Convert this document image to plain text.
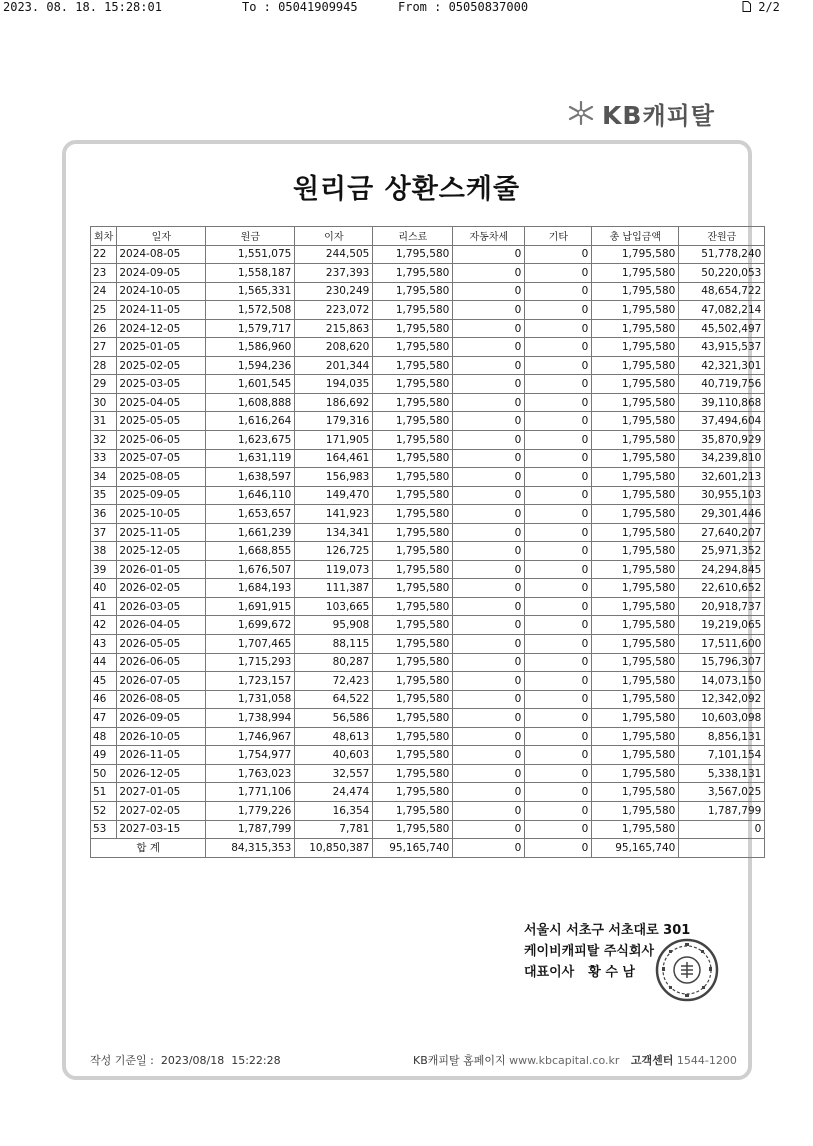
2023. 08. 18. 15:28:01	To : 05041909945	From : 05050837000	2/2
KB캐피탈
원리금 상환스케줄
회차	일자	원금	이자	리스료	자동차세	기타	총 납입금액	잔원금
22	2024-08-05	1,551,075	244,505	1,795,580	0	0	1,795,580	51,778,240
23	2024-09-05	1,558,187	237,393	1,795,580	0	0	1,795,580	50,220,053
24	2024-10-05	1,565,331	230,249	1,795,580	0	0	1,795,580	48,654,722
25	2024-11-05	1,572,508	223,072	1,795,580	0	0	1,795,580	47,082,214
26	2024-12-05	1,579,717	215,863	1,795,580	0	0	1,795,580	45,502,497
27	2025-01-05	1,586,960	208,620	1,795,580	0	0	1,795,580	43,915,537
28	2025-02-05	1,594,236	201,344	1,795,580	0	0	1,795,580	42,321,301
29	2025-03-05	1,601,545	194,035	1,795,580	0	0	1,795,580	40,719,756
30	2025-04-05	1,608,888	186,692	1,795,580	0	0	1,795,580	39,110,868
31	2025-05-05	1,616,264	179,316	1,795,580	0	0	1,795,580	37,494,604
32	2025-06-05	1,623,675	171,905	1,795,580	0	0	1,795,580	35,870,929
33	2025-07-05	1,631,119	164,461	1,795,580	0	0	1,795,580	34,239,810
34	2025-08-05	1,638,597	156,983	1,795,580	0	0	1,795,580	32,601,213
35	2025-09-05	1,646,110	149,470	1,795,580	0	0	1,795,580	30,955,103
36	2025-10-05	1,653,657	141,923	1,795,580	0	0	1,795,580	29,301,446
37	2025-11-05	1,661,239	134,341	1,795,580	0	0	1,795,580	27,640,207
38	2025-12-05	1,668,855	126,725	1,795,580	0	0	1,795,580	25,971,352
39	2026-01-05	1,676,507	119,073	1,795,580	0	0	1,795,580	24,294,845
40	2026-02-05	1,684,193	111,387	1,795,580	0	0	1,795,580	22,610,652
41	2026-03-05	1,691,915	103,665	1,795,580	0	0	1,795,580	20,918,737
42	2026-04-05	1,699,672	95,908	1,795,580	0	0	1,795,580	19,219,065
43	2026-05-05	1,707,465	88,115	1,795,580	0	0	1,795,580	17,511,600
44	2026-06-05	1,715,293	80,287	1,795,580	0	0	1,795,580	15,796,307
45	2026-07-05	1,723,157	72,423	1,795,580	0	0	1,795,580	14,073,150
46	2026-08-05	1,731,058	64,522	1,795,580	0	0	1,795,580	12,342,092
47	2026-09-05	1,738,994	56,586	1,795,580	0	0	1,795,580	10,603,098
48	2026-10-05	1,746,967	48,613	1,795,580	0	0	1,795,580	8,856,131
49	2026-11-05	1,754,977	40,603	1,795,580	0	0	1,795,580	7,101,154
50	2026-12-05	1,763,023	32,557	1,795,580	0	0	1,795,580	5,338,131
51	2027-01-05	1,771,106	24,474	1,795,580	0	0	1,795,580	3,567,025
52	2027-02-05	1,779,226	16,354	1,795,580	0	0	1,795,580	1,787,799
53	2027-03-15	1,787,799	7,781	1,795,580	0	0	1,795,580	0
합 계		84,315,353	10,850,387	95,165,740	0	0	95,165,740	
서울시 서초구 서초대로 301
케이비캐피탈 주식회사
대표이사 황 수 남
작성 기준일 :  2023/08/18  15:22:28	KB캐피탈 홈페이지 www.kbcapital.co.kr 고객센터 1544-1200
